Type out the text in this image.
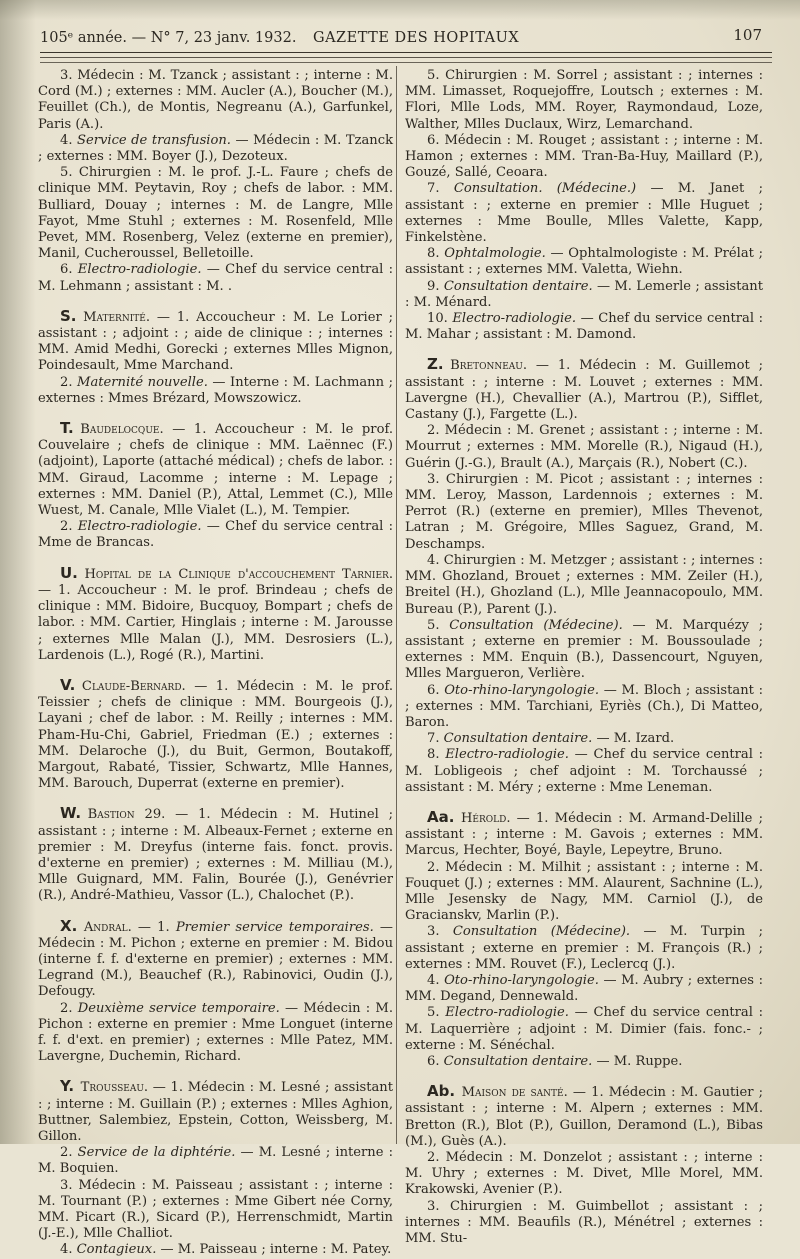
105ᵉ année. — N° 7, 23 janv. 1932. GAZETTE DES HOPITAUX	107

3. Médecin : M. Tzanck ; assistant : ; interne : M. Cord (M.) ; externes : MM. Aucler (A.), Boucher (M.), Feuillet (Ch.), de Montis, Negreanu (A.), Garfunkel, Paris (A.).

4. Service de transfusion. — Médecin : M. Tzanck ; externes : MM. Boyer (J.), Dezoteux.

5. Chirurgien : M. le prof. J.-L. Faure ; chefs de clinique MM. Peytavin, Roy ; chefs de labor. : MM. Bulliard, Douay ; internes : M. de Langre, Mlle Fayot, Mme Stuhl ; externes : M. Rosenfeld, Mlle Pevet, MM. Rosenberg, Velez (externe en premier), Manil, Cucheroussel, Belletoille.

6. Electro-radiologie. — Chef du service central : M. Lehmann ; assistant : M. .

S.  Maternité. — 1. Accoucheur : M. Le Lorier ; assistant : ; adjoint : ; aide de clinique : ; internes : MM. Amid Medhi, Gorecki ; externes Mlles Mignon, Poindesault, Mme Marchand.

2. Maternité nouvelle. — Interne : M. Lachmann ; externes : Mmes Brézard, Mowszowicz.

T.  Baudelocque. — 1. Accoucheur : M. le prof. Couvelaire ; chefs de clinique : MM. Laënnec (F.) (adjoint), Laporte (attaché médical) ; chefs de labor. : MM. Giraud, Lacomme ; interne : M. Lepage ; externes : MM. Daniel (P.), Attal, Lemmet (C.), Mlle Wuest, M. Canale, Mlle Vialet (L.), M. Tempier.

2. Electro-radiologie. — Chef du service central : Mme de Brancas.

U.  Hopital de la Clinique d'accouchement Tarnier. — 1. Accoucheur : M. le prof. Brindeau ; chefs de clinique : MM. Bidoire, Bucquoy, Bompart ; chefs de labor. : MM. Cartier, Hinglais ; interne : M. Jarousse ; externes Mlle Malan (J.), MM. Desrosiers (L.), Lardenois (L.), Rogé (R.), Martini.

V.  Claude-Bernard. — 1. Médecin : M. le prof. Teissier ; chefs de clinique : MM. Bourgeois (J.), Layani ; chef de labor. : M. Reilly ; internes : MM. Pham-Hu-Chi, Gabriel, Friedman (E.) ; externes : MM. Delaroche (J.), du Buit, Germon, Boutakoff, Margout, Rabaté, Tissier, Schwartz, Mlle Hannes, MM. Barouch, Duperrat (externe en premier).

W.  Bastion 29. — 1. Médecin : M. Hutinel ; assistant : ; interne : M. Albeaux-Fernet ; externe en premier : M. Dreyfus (interne fais. fonct. provis. d'externe en premier) ; externes : M. Milliau (M.), Mlle Guignard, MM. Falin, Bourée (J.), Genévrier (R.), André-Mathieu, Vassor (L.), Chalochet (P.).

X.  Andral. — 1. Premier service temporaires. — Médecin : M. Pichon ; externe en premier : M. Bidou (interne f. f. d'externe en premier) ; externes : MM. Legrand (M.), Beauchef (R.), Rabinovici, Oudin (J.), Defougy.

2. Deuxième service temporaire. — Médecin : M. Pichon : externe en premier : Mme Longuet (interne f. f. d'ext. en premier) ; externes : Mlle Patez, MM. Lavergne, Duchemin, Richard.

Y.  Trousseau. — 1. Médecin : M. Lesné ; assistant : ; interne : M. Guillain (P.) ; externes : Mlles Aghion, Buttner, Salembiez, Epstein, Cotton, Weissberg, M. Gillon.

2. Service de la diphtérie. — M. Lesné ; interne : M. Boquien.

3. Médecin : M. Paisseau ; assistant : ; interne : M. Tournant (P.) ; externes : Mme Gibert née Corny, MM. Picart (R.), Sicard (P.), Herrenschmidt, Martin (J.-E.), Mlle Challiot.

4. Contagieux. — M. Paisseau ; interne : M. Patey.

5. Chirurgien : M. Sorrel ; assistant : ; internes : MM. Limasset, Roquejoffre, Loutsch ; externes : M. Flori, Mlle Lods, MM. Royer, Raymondaud, Loze, Walther, Mlles Duclaux, Wirz, Lemarchand.

6. Médecin : M. Rouget ; assistant : ; interne : M. Hamon ; externes : MM. Tran-Ba-Huy, Maillard (P.), Gouzé, Sallé, Ceoara.

7. Consultation. (Médecine.) — M. Janet ; assistant : ; externe en premier : Mlle Huguet ; externes : Mme Boulle, Mlles Valette, Kapp, Finkelstène.

8. Ophtalmologie. — Ophtalmologiste : M. Prélat ; assistant : ; externes MM. Valetta, Wiehn.

9. Consultation dentaire. — M. Lemerle ; assistant : M. Ménard.

10. Electro-radiologie. — Chef du service central : M. Mahar ; assistant : M. Damond.

Z.  Bretonneau. — 1. Médecin : M. Guillemot ; assistant : ; interne : M. Louvet ; externes : MM. Lavergne (H.), Chevallier (A.), Martrou (P.), Sifflet, Castany (J.), Fargette (L.).

2. Médecin : M. Grenet ; assistant : ; interne : M. Mourrut ; externes : MM. Morelle (R.), Nigaud (H.), Guérin (J.-G.), Brault (A.), Marçais (R.), Nobert (C.).

3. Chirurgien : M. Picot ; assistant : ; internes : MM. Leroy, Masson, Lardennois ; externes : M. Perrot (R.) (externe en premier), Mlles Thevenot, Latran ; M. Grégoire, Mlles Saguez, Grand, M. Deschamps.

4. Chirurgien : M. Metzger ; assistant : ; internes : MM. Ghozland, Brouet ; externes : MM. Zeiler (H.), Breitel (H.), Ghozland (L.), Mlle Jeannacopoulo, MM. Bureau (P.), Parent (J.).

5. Consultation (Médecine). — M. Marquézy ; assistant ; externe en premier : M. Boussoulade ; externes : MM. Enquin (B.), Dassencourt, Nguyen, Mlles Margueron, Verlière.

6. Oto-rhino-laryngologie. — M. Bloch ; assistant : ; externes : MM. Tarchiani, Eyriès (Ch.), Di Matteo, Baron.

7. Consultation dentaire. — M. Izard.

8. Electro-radiologie. — Chef du service central : M. Lobligeois ; chef adjoint : M. Torchaussé ; assistant : M. Méry ; externe : Mme Leneman.

Aa.  Hérold. — 1. Médecin : M. Armand-Delille ; assistant : ; interne : M. Gavois ; externes : MM. Marcus, Hechter, Boyé, Bayle, Lepeytre, Bruno.

2. Médecin : M. Milhit ; assistant : ; interne : M. Fouquet (J.) ; externes : MM. Alaurent, Sachnine (L.), Mlle Jesensky de Nagy, MM. Carniol (J.), de Gracianskv, Marlin (P.).

3. Consultation (Médecine). — M. Turpin ; assistant ; externe en premier : M. François (R.) ; externes : MM. Rouvet (F.), Leclercq (J.).

4. Oto-rhino-laryngologie. — M. Aubry ; externes : MM. Degand, Dennewald.

5. Electro-radiologie. — Chef du service central : M. Laquerrière ; adjoint : M. Dimier (fais. fonc.- ; externe : M. Sénéchal.

6. Consultation dentaire. — M. Ruppe.

Ab.  Maison de santé. — 1. Médecin : M. Gautier ; assistant : ; interne : M. Alpern ; externes : MM. Bretton (R.), Blot (P.), Guillon, Deramond (L.), Bibas (M.), Guès (A.).

2. Médecin : M. Donzelot ; assistant : ; interne : M. Uhry ; externes : M. Divet, Mlle Morel, MM. Krakowski, Avenier (P.).

3. Chirurgien : M. Guimbellot ; assistant : ; internes : MM. Beaufils (R.), Ménétrel ; externes : MM. Stu-
